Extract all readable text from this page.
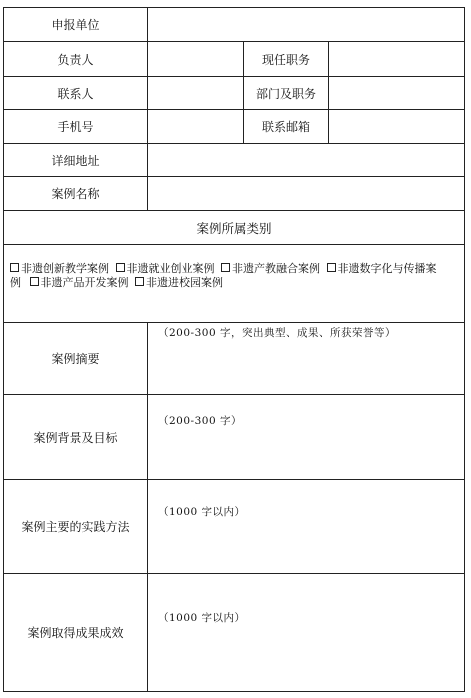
申报单位
负责人	现任职务
联系人	部门及职务
手机号	联系邮箱
详细地址
案例名称
案例所属类别
非遗创新教学案例 非遗就业创业案例 非遗产教融合案例 非遗数字化与传播案
例 非遗产品开发案例 非遗进校园案例
案例摘要
（200-300 字，突出典型、成果、所获荣誉等）
案例背景及目标
（200-300 字）
案例主要的实践方法
（1000 字以内）
案例取得成果成效
（1000 字以内）
